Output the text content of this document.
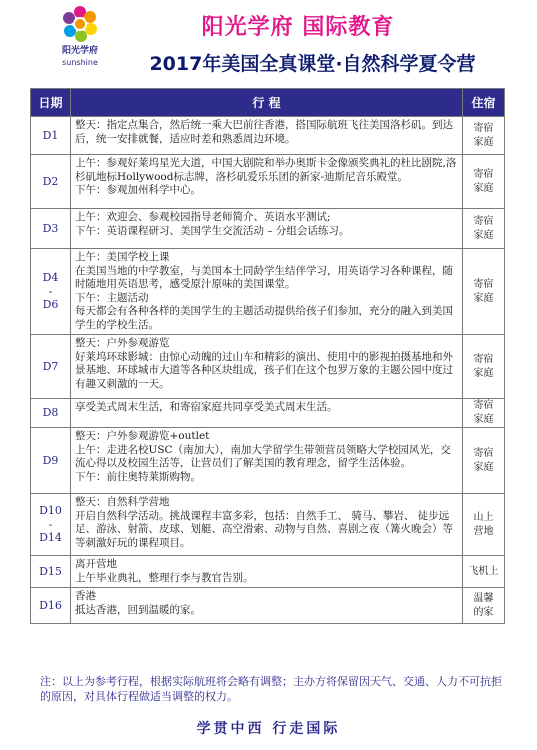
阳光学府
sunshine
阳光学府 国际教育
2017年美国全真课堂·自然科学夏令营
日期	行 程	住宿

D1	整天：指定点集合，然后统一乘大巴前往香港，搭国际航班飞往美国洛杉矶。到达后，统一安排就餐，适应时差和熟悉周边环境。	寄宿
家庭

D2	上午：参观好莱坞星光大道，中国大剧院和举办奥斯卡金像颁奖典礼的杜比剧院,洛杉矶地标Hollywood标志牌，洛杉矶爱乐乐团的新家-迪斯尼音乐殿堂。
下午：参观加州科学中心。	寄宿
家庭

D3	上午：欢迎会、参观校园指导老师简介、英语水平测试;
下午：英语课程研习、美国学生交流活动 – 分组会话练习。	寄宿
家庭

D4
-
D6	上午：美国学校上课
在美国当地的中学教室，与美国本土同龄学生结伴学习，用英语学习各种课程，随时随地用英语思考，感受原汁原味的美国课堂。
下午：主题活动
每天都会有各种各样的美国学生的主题活动提供给孩子们参加，充分的融入到美国学生的学校生活。	寄宿
家庭

D7	整天：户外参观游览
好莱坞环球影城：由惊心动魄的过山车和精彩的演出、使用中的影视拍摄基地和外景基地、环球城市大道等各种区块组成，孩子们在这个包罗万象的主题公园中度过有趣又刺激的一天。	寄宿
家庭

D8	享受美式周末生活，和寄宿家庭共同享受美式周末生活。	寄宿
家庭

D9	整天：户外参观游览+outlet
上午：走进名校USC（南加大），南加大学留学生带领营员领略大学校园风光，交流心得以及校园生活等，让营员们了解美国的教育理念，留学生活体验。
下午：前往奥特莱斯购物。	寄宿
家庭

D10
-
D14	整天：自然科学营地
开启自然科学活动。挑战课程丰富多彩，包括：自然手工、 骑马、攀岩、 徒步远足、游泳、射箭、皮球、划艇、高空滑索、动物与自然、喜剧之夜（篝火晚会）等等刺激好玩的课程项目。	山上
营地

D15	离开营地
上午毕业典礼，整理行李与教官告别。	飞机上

D16	香港
抵达香港，回到温暖的家。	温馨
的家
注：以上为参考行程，根据实际航班将会略有调整；主办方将保留因天气、交通、人力不可抗拒的原因，对具体行程做适当调整的权力。
学贯中西 行走国际
